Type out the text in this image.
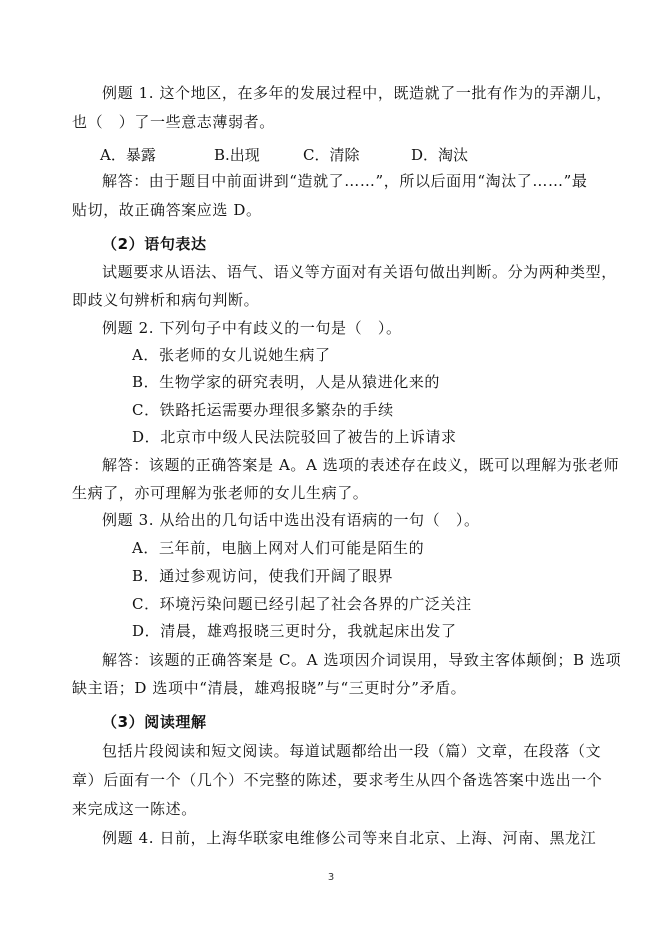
例题 1. 这个地区，在多年的发展过程中，既造就了一批有作为的弄潮儿，
也（　）了一些意志薄弱者。
A．暴露	B.出现	C．清除	D．淘汰
解答：由于题目中前面讲到“造就了……”，所以后面用“淘汰了……”最
贴切，故正确答案应选 D。
（2）语句表达
试题要求从语法、语气、语义等方面对有关语句做出判断。分为两种类型，
即歧义句辨析和病句判断。
例题 2. 下列句子中有歧义的一句是（　）。
A．张老师的女儿说她生病了
B．生物学家的研究表明，人是从猿进化来的
C．铁路托运需要办理很多繁杂的手续
D．北京市中级人民法院驳回了被告的上诉请求
解答：该题的正确答案是 A。A 选项的表述存在歧义，既可以理解为张老师
生病了，亦可理解为张老师的女儿生病了。
例题 3. 从给出的几句话中选出没有语病的一句（　）。
A．三年前，电脑上网对人们可能是陌生的
B．通过参观访问，使我们开阔了眼界
C．环境污染问题已经引起了社会各界的广泛关注
D．清晨，雄鸡报晓三更时分，我就起床出发了
解答：该题的正确答案是 C。A 选项因介词误用，导致主客体颠倒；B 选项
缺主语；D 选项中“清晨，雄鸡报晓”与“三更时分”矛盾。
（3）阅读理解
包括片段阅读和短文阅读。每道试题都给出一段（篇）文章，在段落（文
章）后面有一个（几个）不完整的陈述，要求考生从四个备选答案中选出一个
来完成这一陈述。
例题 4. 日前，上海华联家电维修公司等来自北京、上海、河南、黑龙江
3
